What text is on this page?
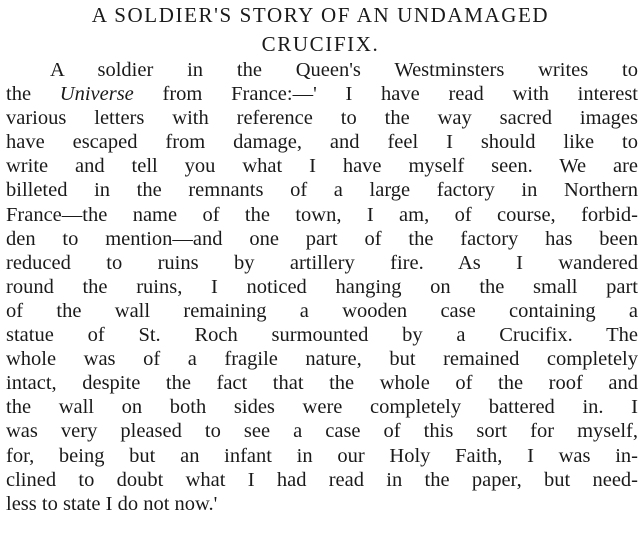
A SOLDIER'S STORY OF AN UNDAMAGED
CRUCIFIX.
A soldier in the Queen's Westminsters writes to
the Universe from France:—' I have read with interest
various letters with reference to the way sacred images
have escaped from damage, and feel I should like to
write and tell you what I have myself seen. We are
billeted in the remnants of a large factory in Northern
France—the name of the town, I am, of course, forbid-
den to mention—and one part of the factory has been
reduced to ruins by artillery fire. As I wandered
round the ruins, I noticed hanging on the small part
of the wall remaining a wooden case containing a
statue of St. Roch surmounted by a Crucifix. The
whole was of a fragile nature, but remained completely
intact, despite the fact that the whole of the roof and
the wall on both sides were completely battered in. I
was very pleased to see a case of this sort for myself,
for, being but an infant in our Holy Faith, I was in-
clined to doubt what I had read in the paper, but need-
less to state I do not now.'
